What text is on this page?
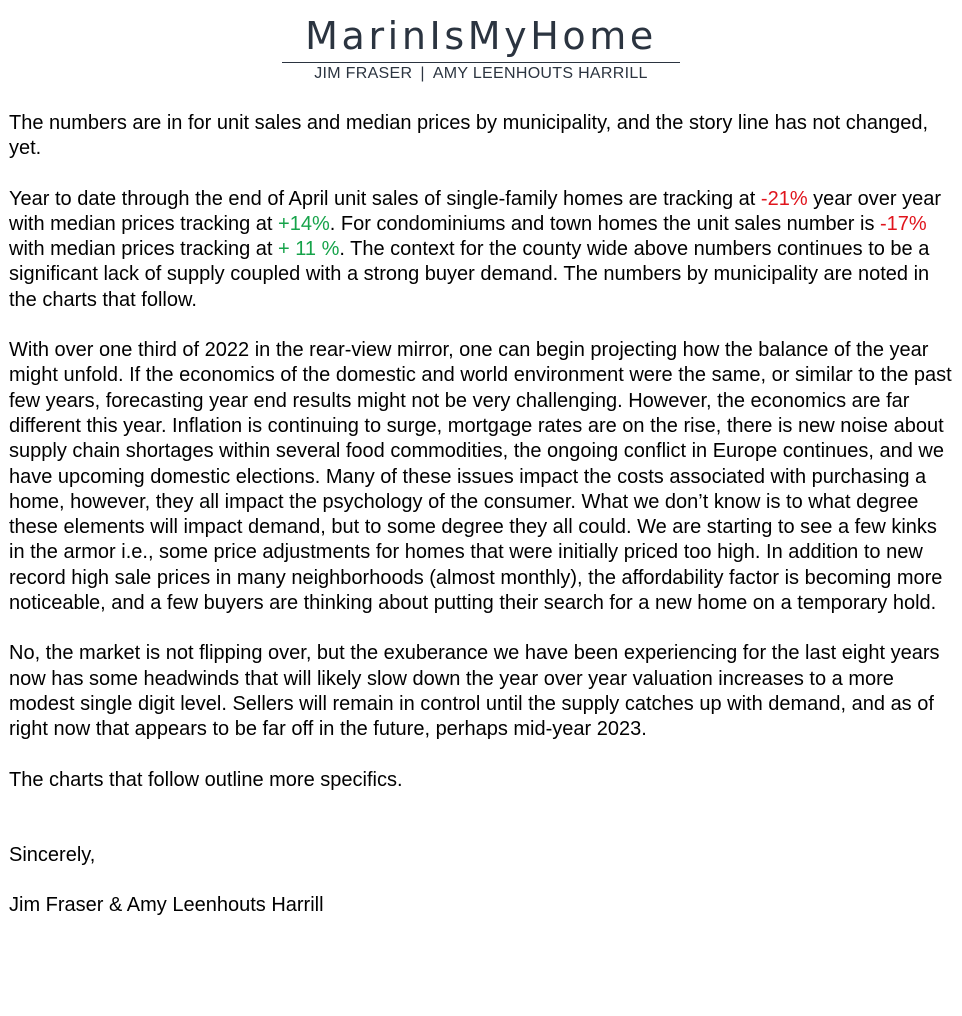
MarinIsMyHome
JIM FRASER | AMY LEENHOUTS HARRILL

The numbers are in for unit sales and median prices by municipality, and the story line has not changed, yet.

Year to date through the end of April unit sales of single-family homes are tracking at -21% year over year with median prices tracking at +14%. For condominiums and town homes the unit sales number is -17% with median prices tracking at + 11 %. The context for the county wide above numbers continues to be a significant lack of supply coupled with a strong buyer demand. The numbers by municipality are noted in the charts that follow.

With over one third of 2022 in the rear-view mirror, one can begin projecting how the balance of the year might unfold. If the economics of the domestic and world environment were the same, or similar to the past few years, forecasting year end results might not be very challenging. However, the economics are far different this year. Inflation is continuing to surge, mortgage rates are on the rise, there is new noise about supply chain shortages within several food commodities, the ongoing conflict in Europe continues, and we have upcoming domestic elections. Many of these issues impact the costs associated with purchasing a home, however, they all impact the psychology of the consumer. What we don’t know is to what degree these elements will impact demand, but to some degree they all could. We are starting to see a few kinks in the armor i.e., some price adjustments for homes that were initially priced too high. In addition to new record high sale prices in many neighborhoods (almost monthly), the affordability factor is becoming more noticeable, and a few buyers are thinking about putting their search for a new home on a temporary hold.

No, the market is not flipping over, but the exuberance we have been experiencing for the last eight years now has some headwinds that will likely slow down the year over year valuation increases to a more modest single digit level. Sellers will remain in control until the supply catches up with demand, and as of right now that appears to be far off in the future, perhaps mid-year 2023.

The charts that follow outline more specifics.

Sincerely,

Jim Fraser & Amy Leenhouts Harrill
